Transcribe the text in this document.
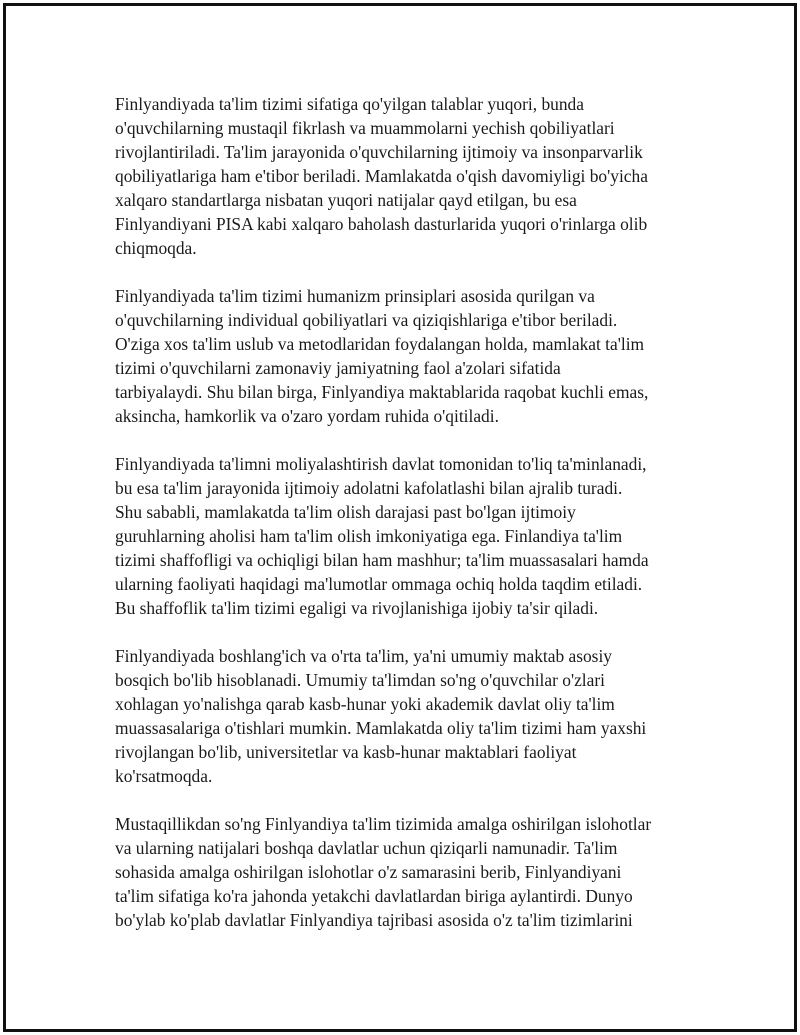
Finlyandiyada ta'lim tizimi sifatiga qo'yilgan talablar yuqori, bunda
o'quvchilarning mustaqil fikrlash va muammolarni yechish qobiliyatlari
rivojlantiriladi. Ta'lim jarayonida o'quvchilarning ijtimoiy va insonparvarlik
qobiliyatlariga ham e'tibor beriladi. Mamlakatda o'qish davomiyligi bo'yicha
xalqaro standartlarga nisbatan yuqori natijalar qayd etilgan, bu esa
Finlyandiyani PISA kabi xalqaro baholash dasturlarida yuqori o'rinlarga olib
chiqmoqda.

Finlyandiyada ta'lim tizimi humanizm prinsiplari asosida qurilgan va
o'quvchilarning individual qobiliyatlari va qiziqishlariga e'tibor beriladi.
O'ziga xos ta'lim uslub va metodlaridan foydalangan holda, mamlakat ta'lim
tizimi o'quvchilarni zamonaviy jamiyatning faol a'zolari sifatida
tarbiyalaydi. Shu bilan birga, Finlyandiya maktablarida raqobat kuchli emas,
aksincha, hamkorlik va o'zaro yordam ruhida o'qitiladi.

Finlyandiyada ta'limni moliyalashtirish davlat tomonidan to'liq ta'minlanadi,
bu esa ta'lim jarayonida ijtimoiy adolatni kafolatlashi bilan ajralib turadi.
Shu sababli, mamlakatda ta'lim olish darajasi past bo'lgan ijtimoiy
guruhlarning aholisi ham ta'lim olish imkoniyatiga ega. Finlandiya ta'lim
tizimi shaffofligi va ochiqligi bilan ham mashhur; ta'lim muassasalari hamda
ularning faoliyati haqidagi ma'lumotlar ommaga ochiq holda taqdim etiladi.
Bu shaffoflik ta'lim tizimi egaligi va rivojlanishiga ijobiy ta'sir qiladi.

Finlyandiyada boshlang'ich va o'rta ta'lim, ya'ni umumiy maktab asosiy
bosqich bo'lib hisoblanadi. Umumiy ta'limdan so'ng o'quvchilar o'zlari
xohlagan yo'nalishga qarab kasb-hunar yoki akademik davlat oliy ta'lim
muassasalariga o'tishlari mumkin. Mamlakatda oliy ta'lim tizimi ham yaxshi
rivojlangan bo'lib, universitetlar va kasb-hunar maktablari faoliyat
ko'rsatmoqda.

Mustaqillikdan so'ng Finlyandiya ta'lim tizimida amalga oshirilgan islohotlar
va ularning natijalari boshqa davlatlar uchun qiziqarli namunadir. Ta'lim
sohasida amalga oshirilgan islohotlar o'z samarasini berib, Finlyandiyani
ta'lim sifatiga ko'ra jahonda yetakchi davlatlardan biriga aylantirdi. Dunyo
bo'ylab ko'plab davlatlar Finlyandiya tajribasi asosida o'z ta'lim tizimlarini
